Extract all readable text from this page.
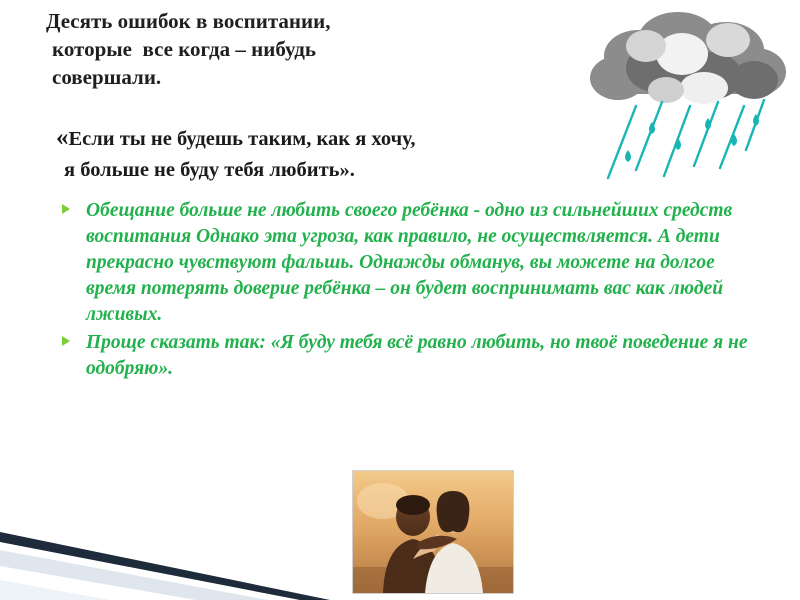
Десять ошибок в воспитании,
которые  все когда – нибудь
совершали.
«Если ты не будешь таким, как я хочу,
я больше не буду тебя любить».
Обещание больше не любить своего ребёнка - одно из сильнейших средств воспитания Однако эта угроза, как правило, не осуществляется. А дети прекрасно чувствуют фальшь. Однажды обманув, вы можете на долгое время потерять доверие ребёнка – он будет воспринимать вас как людей лживых.
Проще сказать так: «Я буду тебя всё равно любить, но твоё поведение я не одобряю».
